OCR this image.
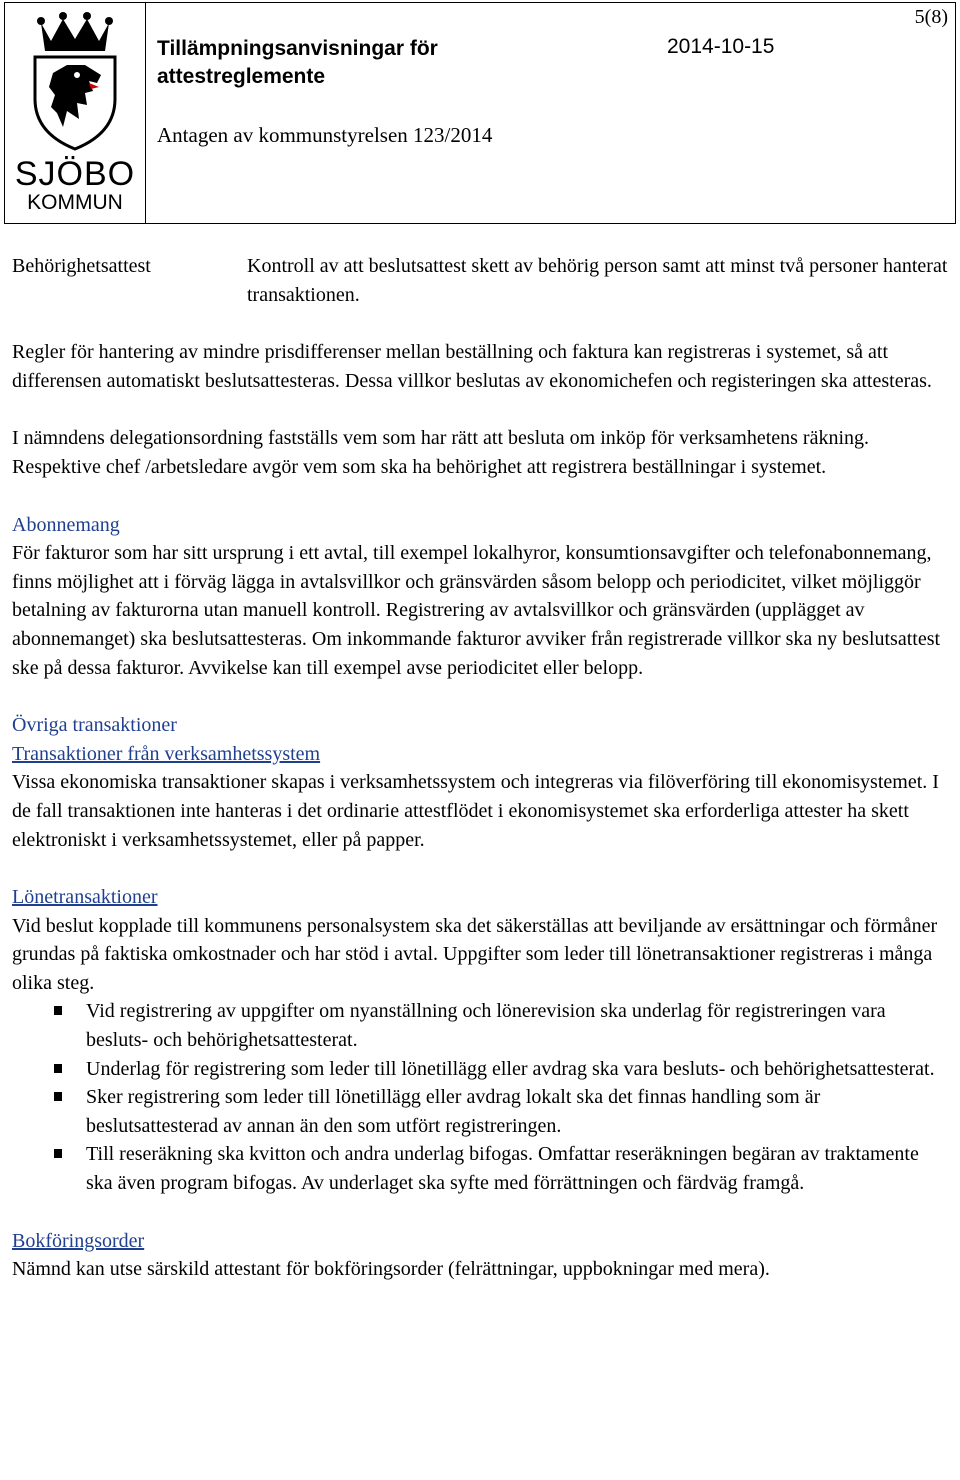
5(8)
SJÖBO
KOMMUN
Tillämpningsanvisningar för attestreglemente
2014-10-15
Antagen av kommunstyrelsen 123/2014
Behörighetsattest	Kontroll av att beslutsattest skett av behörig person samt att minst två personer hanterat transaktionen.

Regler för hantering av mindre prisdifferenser mellan beställning och faktura kan registreras i systemet, så att differensen automatiskt beslutsattesteras. Dessa villkor beslutas av ekonomichefen och registeringen ska attesteras.

I nämndens delegationsordning fastställs vem som har rätt att besluta om inköp för verksamhetens räkning. Respektive chef /arbetsledare avgör vem som ska ha behörighet att registrera beställningar i systemet.

Abonnemang

För fakturor som har sitt ursprung i ett avtal, till exempel lokalhyror, konsumtionsavgifter och telefonabonnemang, finns möjlighet att i förväg lägga in avtalsvillkor och gränsvärden såsom belopp och periodicitet, vilket möjliggör betalning av fakturorna utan manuell kontroll. Registrering av avtalsvillkor och gränsvärden (upplägget av abonnemanget) ska beslutsattesteras. Om inkommande fakturor avviker från registrerade villkor ska ny beslutsattest ske på dessa fakturor. Avvikelse kan till exempel avse periodicitet eller belopp.

Övriga transaktioner

Transaktioner från verksamhetssystem

Vissa ekonomiska transaktioner skapas i verksamhetssystem och integreras via filöverföring till ekonomisystemet. I de fall transaktionen inte hanteras i det ordinarie attestflödet i ekonomisystemet ska erforderliga attester ha skett elektroniskt i verksamhetssystemet, eller på papper.

Lönetransaktioner

Vid beslut kopplade till kommunens personalsystem ska det säkerställas att beviljande av ersättningar och förmåner grundas på faktiska omkostnader och har stöd i avtal. Uppgifter som leder till lönetransaktioner registreras i många olika steg.

Vid registrering av uppgifter om nyanställning och lönerevision ska underlag för registreringen vara besluts- och behörighetsattesterat.
Underlag för registrering som leder till lönetillägg eller avdrag ska vara besluts- och behörighetsattesterat.
Sker registrering som leder till lönetillägg eller avdrag lokalt ska det finnas handling som är beslutsattesterad av annan än den som utfört registreringen.
Till reseräkning ska kvitton och andra underlag bifogas. Omfattar reseräkningen begäran av traktamente ska även program bifogas. Av underlaget ska syfte med förrättningen och färdväg framgå.

Bokföringsorder

Nämnd kan utse särskild attestant för bokföringsorder (felrättningar, uppbokningar med mera).
